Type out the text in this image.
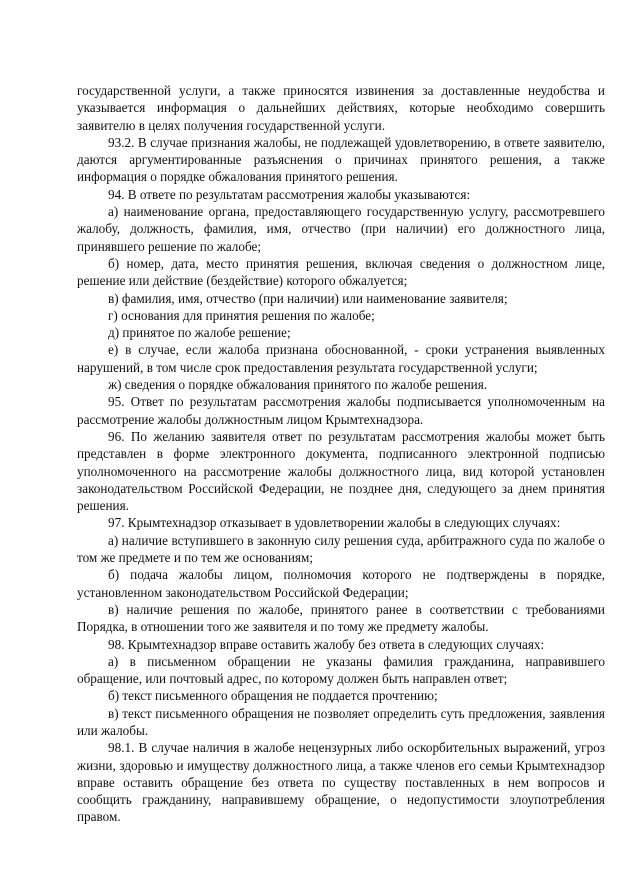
государственной услуги, а также приносятся извинения за доставленные неудобства и указывается информация о дальнейших действиях, которые необходимо совершить заявителю в целях получения государственной услуги.

93.2. В случае признания жалобы, не подлежащей удовлетворению, в ответе заявителю, даются аргументированные разъяснения о причинах принятого решения, а также информация о порядке обжалования принятого решения.

94. В ответе по результатам рассмотрения жалобы указываются:

а) наименование органа, предоставляющего государственную услугу, рассмотревшего жалобу, должность, фамилия, имя, отчество (при наличии) его должностного лица, принявшего решение по жалобе;

б) номер, дата, место принятия решения, включая сведения о должностном лице, решение или действие (бездействие) которого обжалуется;

в) фамилия, имя, отчество (при наличии) или наименование заявителя;

г) основания для принятия решения по жалобе;

д) принятое по жалобе решение;

е) в случае, если жалоба признана обоснованной, - сроки устранения выявленных нарушений, в том числе срок предоставления результата государственной услуги;

ж) сведения о порядке обжалования принятого по жалобе решения.

95. Ответ по результатам рассмотрения жалобы подписывается уполномоченным на рассмотрение жалобы должностным лицом Крымтехнадзора.

96. По желанию заявителя ответ по результатам рассмотрения жалобы может быть представлен в форме электронного документа, подписанного электронной подписью уполномоченного на рассмотрение жалобы должностного лица, вид которой установлен законодательством Российской Федерации, не позднее дня, следующего за днем принятия решения.

97. Крымтехнадзор отказывает в удовлетворении жалобы в следующих случаях:

а) наличие вступившего в законную силу решения суда, арбитражного суда по жалобе о том же предмете и по тем же основаниям;

б) подача жалобы лицом, полномочия которого не подтверждены в порядке, установленном законодательством Российской Федерации;

в) наличие решения по жалобе, принятого ранее в соответствии с требованиями Порядка, в отношении того же заявителя и по тому же предмету жалобы.

98. Крымтехнадзор вправе оставить жалобу без ответа в следующих случаях:

а) в письменном обращении не указаны фамилия гражданина, направившего обращение, или почтовый адрес, по которому должен быть направлен ответ;

б) текст письменного обращения не поддается прочтению;

в) текст письменного обращения не позволяет определить суть предложения, заявления или жалобы.

98.1. В случае наличия в жалобе нецензурных либо оскорбительных выражений, угроз жизни, здоровью и имуществу должностного лица, а также членов его семьи Крымтехнадзор вправе оставить обращение без ответа по существу поставленных в нем вопросов и сообщить гражданину, направившему обращение, о недопустимости злоупотребления правом.
